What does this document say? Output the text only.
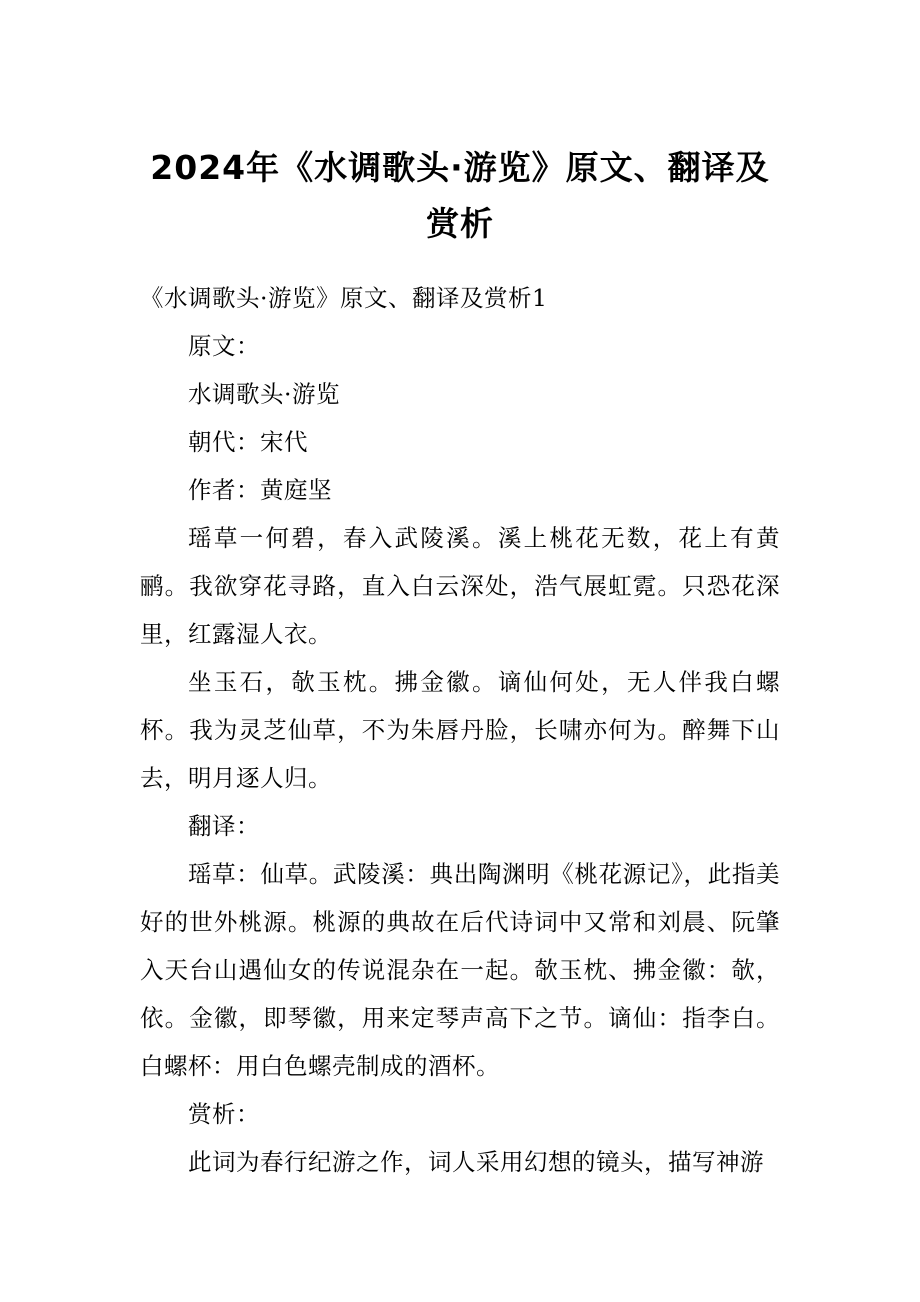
2024年《水调歌头·游览》原文、翻译及赏析

《水调歌头·游览》原文、翻译及赏析1

原文：

水调歌头·游览

朝代：宋代

作者：黄庭坚

瑶草一何碧，春入武陵溪。溪上桃花无数，花上有黄鹂。我欲穿花寻路，直入白云深处，浩气展虹霓。只恐花深里，红露湿人衣。

坐玉石，欹玉枕。拂金徽。谪仙何处，无人伴我白螺杯。我为灵芝仙草，不为朱唇丹脸，长啸亦何为。醉舞下山去，明月逐人归。

翻译：

瑶草：仙草。武陵溪：典出陶渊明《桃花源记》，此指美好的世外桃源。桃源的典故在后代诗词中又常和刘晨、阮肇入天台山遇仙女的传说混杂在一起。欹玉枕、拂金徽：欹，依。金徽，即琴徽，用来定琴声高下之节。谪仙：指李白。白螺杯：用白色螺壳制成的酒杯。

赏析：

此词为春行纪游之作，词人采用幻想的镜头，描写神游
